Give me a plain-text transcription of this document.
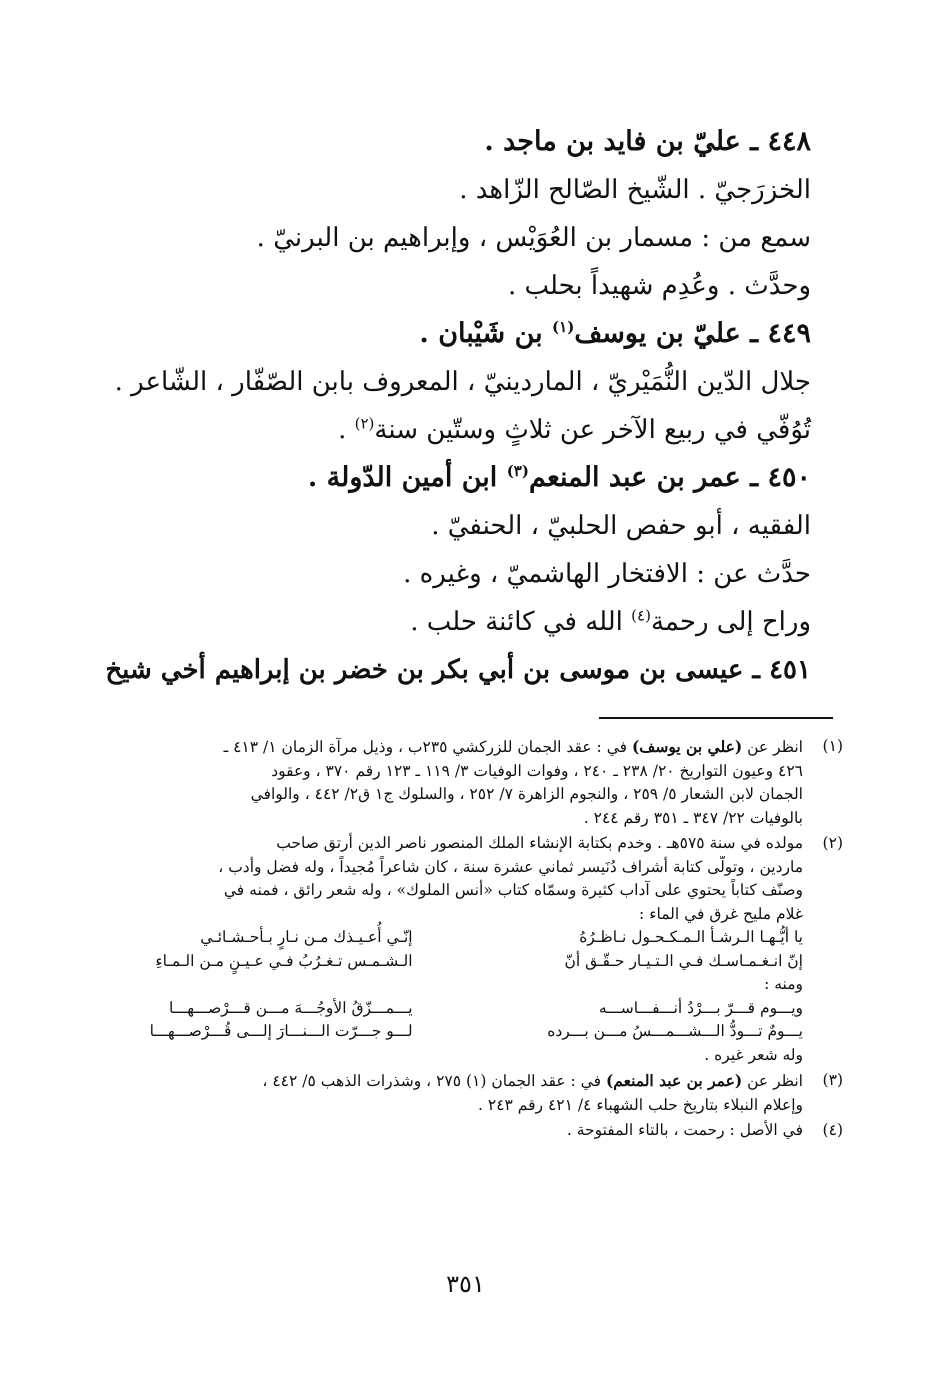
٤٤٨ ـ عليّ بن فايد بن ماجد .
الخزرَجيّ . الشّيخ الصّالح الزّاهد .
سمع من : مسمار بن العُوَيْس ، وإبراهيم بن البرنيّ .
وحدَّث . وعُدِم شهيداً بحلب .
٤٤٩ ـ عليّ بن يوسف$^{(١)}$ بن شَيْبان .
جلال الدّين النُّمَيْريّ ، الماردينيّ ، المعروف بابن الصّفّار ، الشّاعر .
تُوُفّي في ربيع الآخر عن ثلاثٍ وستّين سنة$^{(٢)}$ .
٤٥٠ ـ عمر بن عبد المنعم$^{(٣)}$ ابن أمين الدّولة .
الفقيه ، أبو حفص الحلبيّ ، الحنفيّ .
حدَّث عن : الافتخار الهاشميّ ، وغيره .
وراح إلى رحمة$^{(٤)}$ الله في كائنة حلب .
٤٥١ ـ عيسى بن موسى بن أبي بكر بن خضر بن إبراهيم أخي شيخ
(١)
انظر عن (علي بن يوسف) في : عقد الجمان للزركشي ٢٣٥ب ، وذيل مرآة الزمان ١/ ٤١٣ ـ
٤٢٦ وعيون التواريخ ٢٠/ ٢٣٨ ـ ٢٤٠ ، وفوات الوفيات ٣/ ١١٩ ـ ١٢٣ رقم ٣٧٠ ، وعقود
الجمان لابن الشعار ٥/ ٢٥٩ ، والنجوم الزاهرة ٧/ ٢٥٢ ، والسلوك ج١ ق٢/ ٤٤٢ ، والوافي
بالوفيات ٢٢/ ٣٤٧ ـ ٣٥١ رقم ٢٤٤ .
(٢)
مولده في سنة ٥٧٥هـ . وخدم بكتابة الإنشاء الملك المنصور ناصر الدين أرتق صاحب
ماردين ، وتولّى كتابة أشراف دُنَيسر ثماني عشرة سنة ، كان شاعراً مُجيداً ، وله فضل وأدب ،
وصنّف كتاباً يحتوي على آداب كثيرة وسمّاه كتاب «أنس الملوك» ، وله شعر رائق ، فمنه في
غلام مليح غرق في الماء :
يا أيُّـهـا الـرشـأ الـمـكـحـول نـاظـرُهُ
إنّـي أُعـيـذك مـن نـارٍ بـأحـشـائـي
إنّ انـغـمـاسـك فـي الـتـيـار حـقّـق أنّ
الـشـمـس تـغـرُبُ فـي عـيـنٍ مـن الـمـاءِ
ومنه :
ويـــوم قـــرّ بـــرْدُ أنـــفـــاســـه
يـــمـــزّقُ الأوجُـــهَ مـــن قـــرْصـــهـــا
يـــومٌ تـــودُّ الـــشـــمـــسُ مـــن بـــرده
لـــو جـــرّت الـــنـــارَ إلـــى قُـــرْصـــهـــا
وله شعر غيره .
(٣)
انظر عن (عمر بن عبد المنعم) في : عقد الجمان (١) ٢٧٥ ، وشذرات الذهب ٥/ ٤٤٢ ،
وإعلام النبلاء بتاريخ حلب الشهباء ٤/ ٤٢١ رقم ٢٤٣ .
(٤)
في الأصل : رحمت ، بالتاء المفتوحة .
٣٥١
